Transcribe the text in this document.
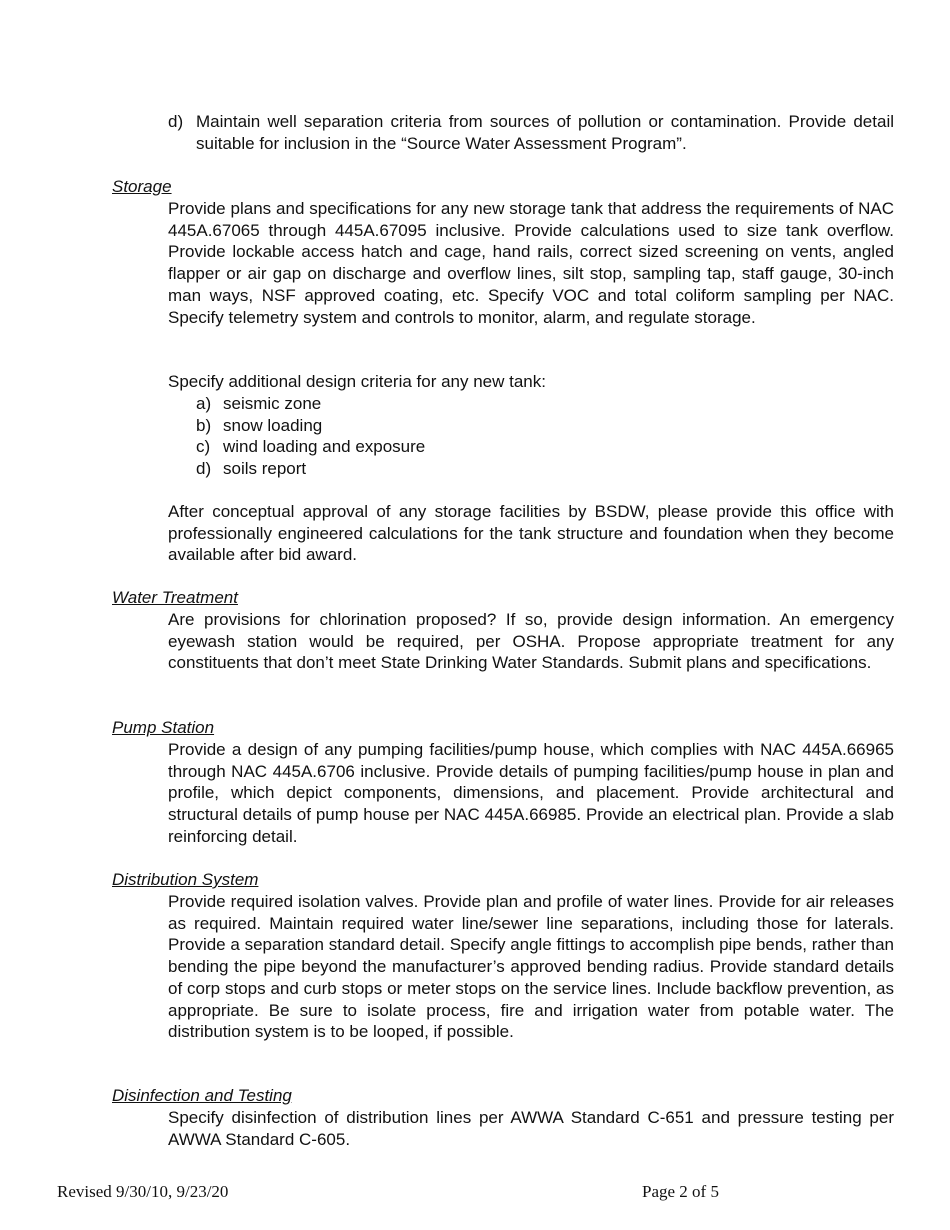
d) Maintain well separation criteria from sources of pollution or contamination. Provide detail suitable for inclusion in the “Source Water Assessment Program”.
Storage

Provide plans and specifications for any new storage tank that address the requirements of NAC 445A.67065 through 445A.67095 inclusive. Provide calculations used to size tank overflow. Provide lockable access hatch and cage, hand rails, correct sized screening on vents, angled flapper or air gap on discharge and overflow lines, silt stop, sampling tap, staff gauge, 30-inch man ways, NSF approved coating, etc. Specify VOC and total coliform sampling per NAC. Specify telemetry system and controls to monitor, alarm, and regulate storage.

Specify additional design criteria for any new tank:

a) seismic zone
b) snow loading
c) wind loading and exposure
d) soils report

After conceptual approval of any storage facilities by BSDW, please provide this office with professionally engineered calculations for the tank structure and foundation when they become available after bid award.

Water Treatment

Are provisions for chlorination proposed? If so, provide design information. An emergency eyewash station would be required, per OSHA. Propose appropriate treatment for any constituents that don’t meet State Drinking Water Standards. Submit plans and specifications.

Pump Station

Provide a design of any pumping facilities/pump house, which complies with NAC 445A.66965 through NAC 445A.6706 inclusive. Provide details of pumping facilities/pump house in plan and profile, which depict components, dimensions, and placement. Provide architectural and structural details of pump house per NAC 445A.66985. Provide an electrical plan. Provide a slab reinforcing detail.

Distribution System

Provide required isolation valves. Provide plan and profile of water lines. Provide for air releases as required. Maintain required water line/sewer line separations, including those for laterals. Provide a separation standard detail. Specify angle fittings to accomplish pipe bends, rather than bending the pipe beyond the manufacturer’s approved bending radius. Provide standard details of corp stops and curb stops or meter stops on the service lines. Include backflow prevention, as appropriate. Be sure to isolate process, fire and irrigation water from potable water. The distribution system is to be looped, if possible.

Disinfection and Testing

Specify disinfection of distribution lines per AWWA Standard C-651 and pressure testing per AWWA Standard C-605.

Revised 9/30/10, 9/23/20	Page 2 of 5
